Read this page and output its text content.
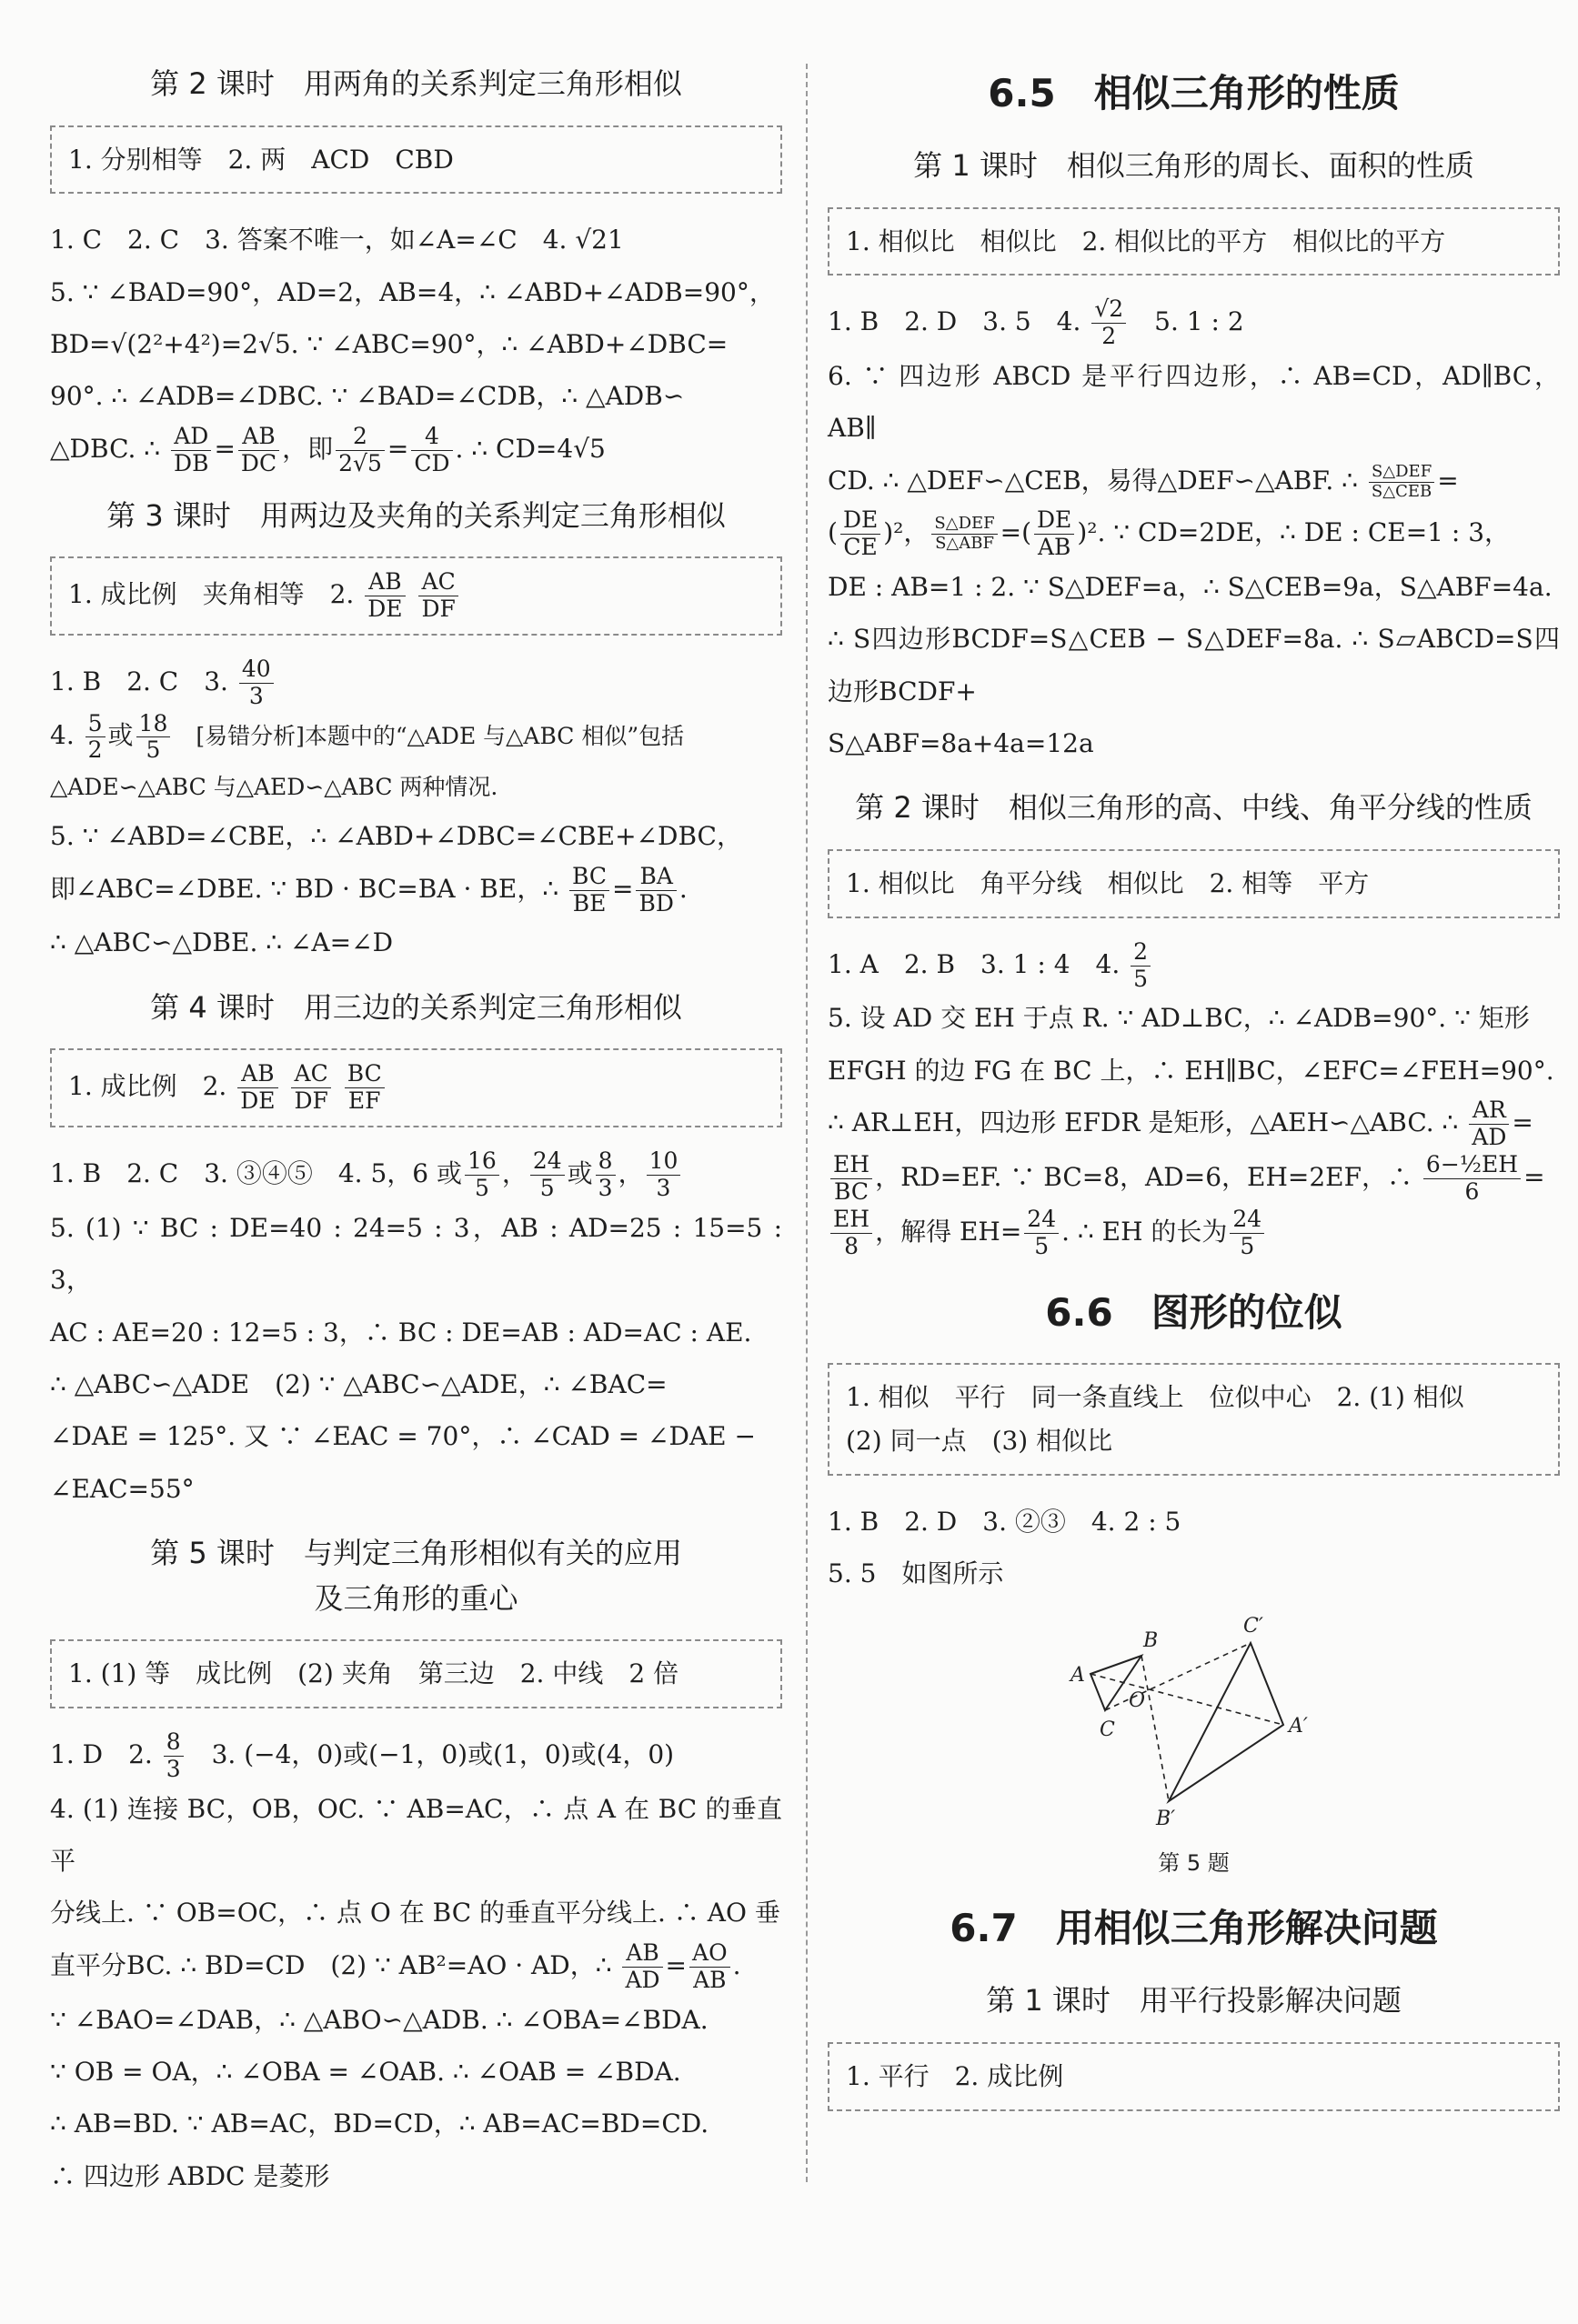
第 2 课时　用两角的关系判定三角形相似
1. 分别相等　2. 两　ACD　CBD

1. C　2. C　3. 答案不唯一，如∠A=∠C　4. √21

5. ∵ ∠BAD=90°，AD=2，AB=4，∴ ∠ABD+∠ADB=90°，

BD=√(2²+4²)=2√5. ∵ ∠ABC=90°，∴ ∠ABD+∠DBC=

90°. ∴ ∠ADB=∠DBC. ∵ ∠BAD=∠CDB，∴ △ADB∽

△DBC. ∴ $\frac{AD}{DB} = \frac{AB}{DC}$ ，即 $\frac{2}{2√5} = \frac{4}{CD}$ . ∴ CD=4√5

第 3 课时　用两边及夹角的关系判定三角形相似
1. 成比例　夹角相等　2. $\frac{AB}{DE}$
$\frac{AC}{DF}$

1. B　2. C　3. $\frac{40}{3}$

4. $\frac{5}{2}$ 或 $\frac{18}{5}$ 　[易错分析]本题中的“△ADE 与△ABC 相似”包括

△ADE∽△ABC 与△AED∽△ABC 两种情况.

5. ∵ ∠ABD=∠CBE，∴ ∠ABD+∠DBC=∠CBE+∠DBC，

即∠ABC=∠DBE. ∵ BD · BC=BA · BE，∴ $\frac{BC}{BE} = \frac{BA}{BD}$ .

∴ △ABC∽△DBE. ∴ ∠A=∠D

第 4 课时　用三边的关系判定三角形相似
1. 成比例　2. $\frac{AB}{DE}$
$\frac{AC}{DF}$
$\frac{BC}{EF}$

1. B　2. C　3. ③④⑤　4. 5，6 或 $\frac{16}{5}$ ， $\frac{24}{5}$ 或 $\frac{8}{3}$ ， $\frac{10}{3}$

5. (1) ∵ BC : DE=40 : 24=5 : 3，AB : AD=25 : 15=5 : 3，

AC : AE=20 : 12=5 : 3，∴ BC : DE=AB : AD=AC : AE.

∴ △ABC∽△ADE　(2) ∵ △ABC∽△ADE，∴ ∠BAC=

∠DAE = 125°. 又 ∵ ∠EAC = 70°，∴ ∠CAD = ∠DAE −

∠EAC=55°

第 5 课时　与判定三角形相似有关的应用
及三角形的重心
1. (1) 等　成比例　(2) 夹角　第三边　2. 中线　2 倍

1. D　2. $\frac{8}{3}$
　 3. (−4，0)或(−1，0)或(1，0)或(4，0)

4. (1) 连接 BC，OB，OC. ∵ AB=AC，∴ 点 A 在 BC 的垂直平

分线上. ∵ OB=OC，∴ 点 O 在 BC 的垂直平分线上. ∴ AO 垂

直平分BC. ∴ BD=CD　(2) ∵ AB²=AO · AD，∴ $\frac{AB}{AD} = \frac{AO}{AB}$ .

∵ ∠BAO=∠DAB，∴ △ABO∽△ADB. ∴ ∠OBA=∠BDA.

∵ OB = OA，∴ ∠OBA = ∠OAB. ∴ ∠OAB = ∠BDA.

∴ AB=BD. ∵ AB=AC，BD=CD，∴ AB=AC=BD=CD.

∴ 四边形 ABDC 是菱形

6.5　相似三角形的性质
第 1 课时　相似三角形的周长、面积的性质
1. 相似比　相似比　2. 相似比的平方　相似比的平方

1. B　2. D　3. 5　4. $\frac{√2}{2}$
　 5. 1 : 2

6. ∵ 四边形 ABCD 是平行四边形，∴ AB=CD，AD∥BC，AB∥

CD. ∴ △DEF∽△CEB，易得△DEF∽△ABF. ∴ $\frac{\text{S△DEF}}{\text{S△CEB}}$ =

( $\frac{DE}{CE} )^2$， $\frac{\text{S△DEF}}{\text{S△ABF}}$ =( $\frac{DE}{AB} )^2$. ∵ CD=2DE，∴ DE : CE=1 : 3，

DE : AB=1 : 2. ∵ S△DEF=a，∴ S△CEB=9a，S△ABF=4a.

∴ S四边形BCDF=S△CEB − S△DEF=8a. ∴ S▱ABCD=S四边形BCDF+

S△ABF=8a+4a=12a

第 2 课时　相似三角形的高、中线、角平分线的性质
1. 相似比　角平分线　相似比　2. 相等　平方

1. A　2. B　3. 1 : 4　4. $\frac{2}{5}$

5. 设 AD 交 EH 于点 R. ∵ AD⊥BC，∴ ∠ADB=90°. ∵ 矩形

EFGH 的边 FG 在 BC 上，∴ EH∥BC，∠EFC=∠FEH=90°.

∴ AR⊥EH，四边形 EFDR 是矩形，△AEH∽△ABC. ∴ $\frac{AR}{AD}$ =

$\frac{EH}{BC}$ ，RD=EF. ∵ BC=8，AD=6，EH=2EF，∴ $\frac{\text{6−½EH}}{6}$ =

$\frac{EH}{8}$ ，解得 $EH= \frac{24}{5}$ . ∴ EH 的长为 $\frac{24}{5}$

6.6　图形的位似
1. 相似　平行　同一条直线上　位似中心　2. (1) 相似
(2) 同一点　(3) 相似比

1. B　2. D　3. ②③　4. 2 : 5

5. 5　如图所示

A
B
C
O
A′
B′
C′
第 5 题
6.7　用相似三角形解决问题
第 1 课时　用平行投影解决问题
1. 平行　2. 成比例
